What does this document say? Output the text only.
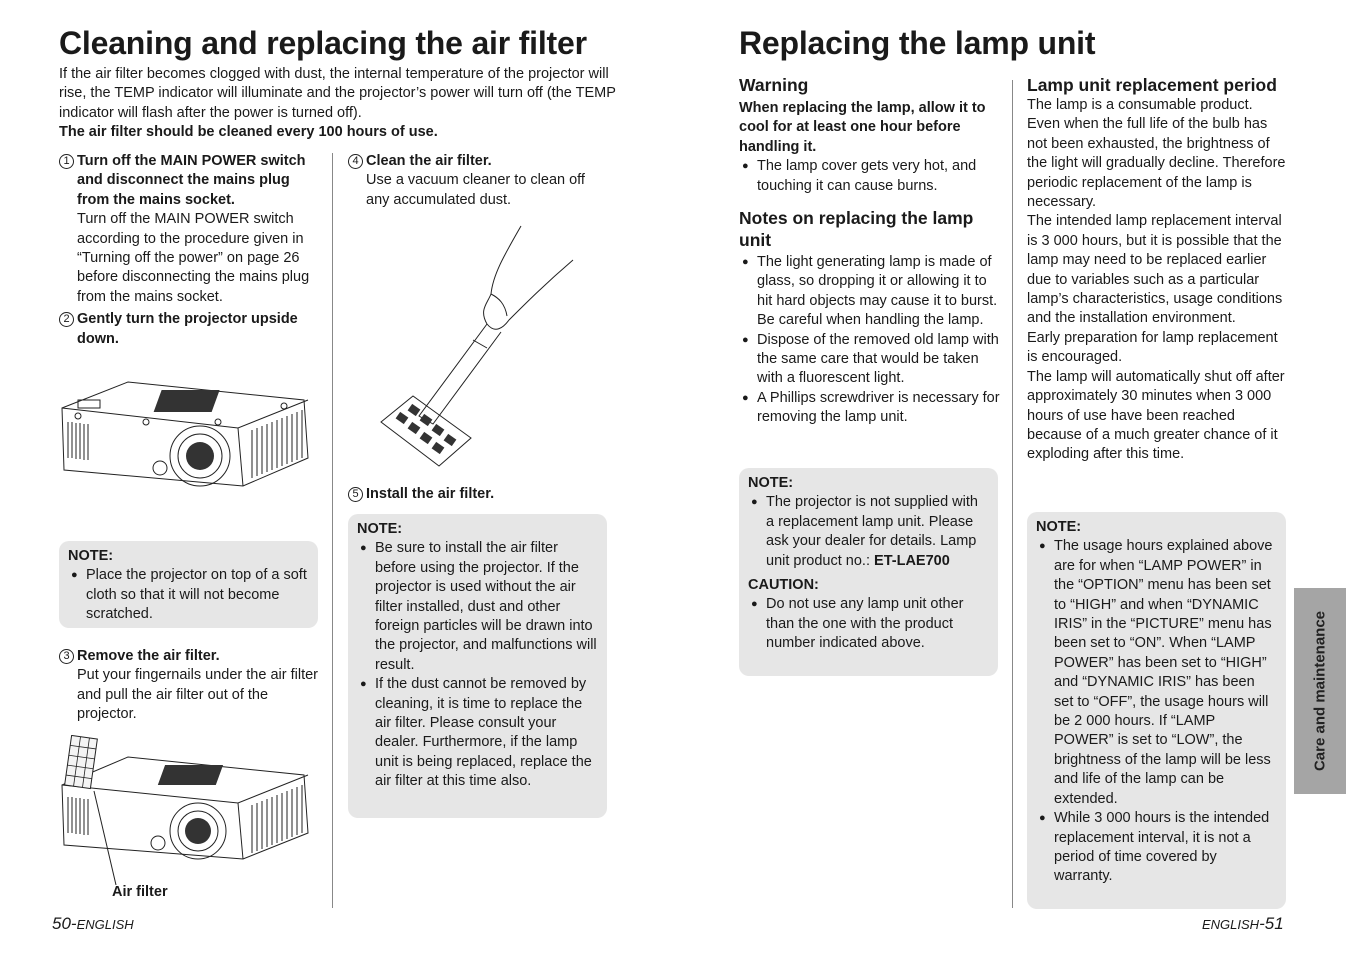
Cleaning and replacing the air filter

If the air filter becomes clogged with dust, the internal temperature of the projector will rise, the TEMP indicator will illuminate and the projector’s power will turn off (the TEMP indicator will flash after the power is turned off).

The air filter should be cleaned every 100 hours of use.

1 Turn off the MAIN POWER switch and disconnect the mains plug from the mains socket.

Turn off the MAIN POWER switch according to the procedure given in “Turning off the power” on page 26 before disconnecting the mains plug from the mains socket.

2 Gently turn the projector upside down.
NOTE:
● Place the projector on top of a soft cloth so that it will not become scratched.
3 Remove the air filter.

Put your fingernails under the air filter and pull the air filter out of the projector.

Air filter
4 Clean the air filter.

Use a vacuum cleaner to clean off any accumulated dust.

5 Install the air filter.
NOTE:
● Be sure to install the air filter before using the projector. If the projector is used without the air filter installed, dust and other foreign particles will be drawn into the projector, and malfunctions will result.
● If the dust cannot be removed by cleaning, it is time to replace the air filter. Please consult your dealer. Furthermore, if the lamp unit is being replaced, replace the air filter at this time also.
50-ENGLISH
Replacing the lamp unit
Warning

When replacing the lamp, allow it to cool for at least one hour before handling it.

● The lamp cover gets very hot, and touching it can cause burns.
Notes on replacing the lamp unit
● The light generating lamp is made of glass, so dropping it or allowing it to hit hard objects may cause it to burst. Be careful when handling the lamp.
● Dispose of the removed old lamp with the same care that would be taken with a fluorescent light.
● A Phillips screwdriver is necessary for removing the lamp unit.
NOTE:
● The projector is not supplied with a replacement lamp unit. Please ask your dealer for details. Lamp unit product no.: ET-LAE700
CAUTION:
● Do not use any lamp unit other than the one with the product number indicated above.
Lamp unit replacement period

The lamp is a consumable product. Even when the full life of the bulb has not been exhausted, the brightness of the light will gradually decline. Therefore periodic replacement of the lamp is necessary.

The intended lamp replacement interval is 3 000 hours, but it is possible that the lamp may need to be replaced earlier due to variables such as a particular lamp’s characteristics, usage conditions and the installation environment.

Early preparation for lamp replacement is encouraged.

The lamp will automatically shut off after approximately 30 minutes when 3 000 hours of use have been reached because of a much greater chance of it exploding after this time.

NOTE:
● The usage hours explained above are for when “LAMP POWER” in the “OPTION” menu has been set to “HIGH” and when “DYNAMIC IRIS” in the “PICTURE” menu has been set to “ON”. When “LAMP POWER” has been set to “HIGH” and “DYNAMIC IRIS” has been set to “OFF”, the usage hours will be 2 000 hours. If “LAMP POWER” is set to “LOW”, the brightness of the lamp will be less and life of the lamp can be extended.
● While 3 000 hours is the intended replacement interval, it is not a period of time covered by warranty.
Care and maintenance
ENGLISH-51
